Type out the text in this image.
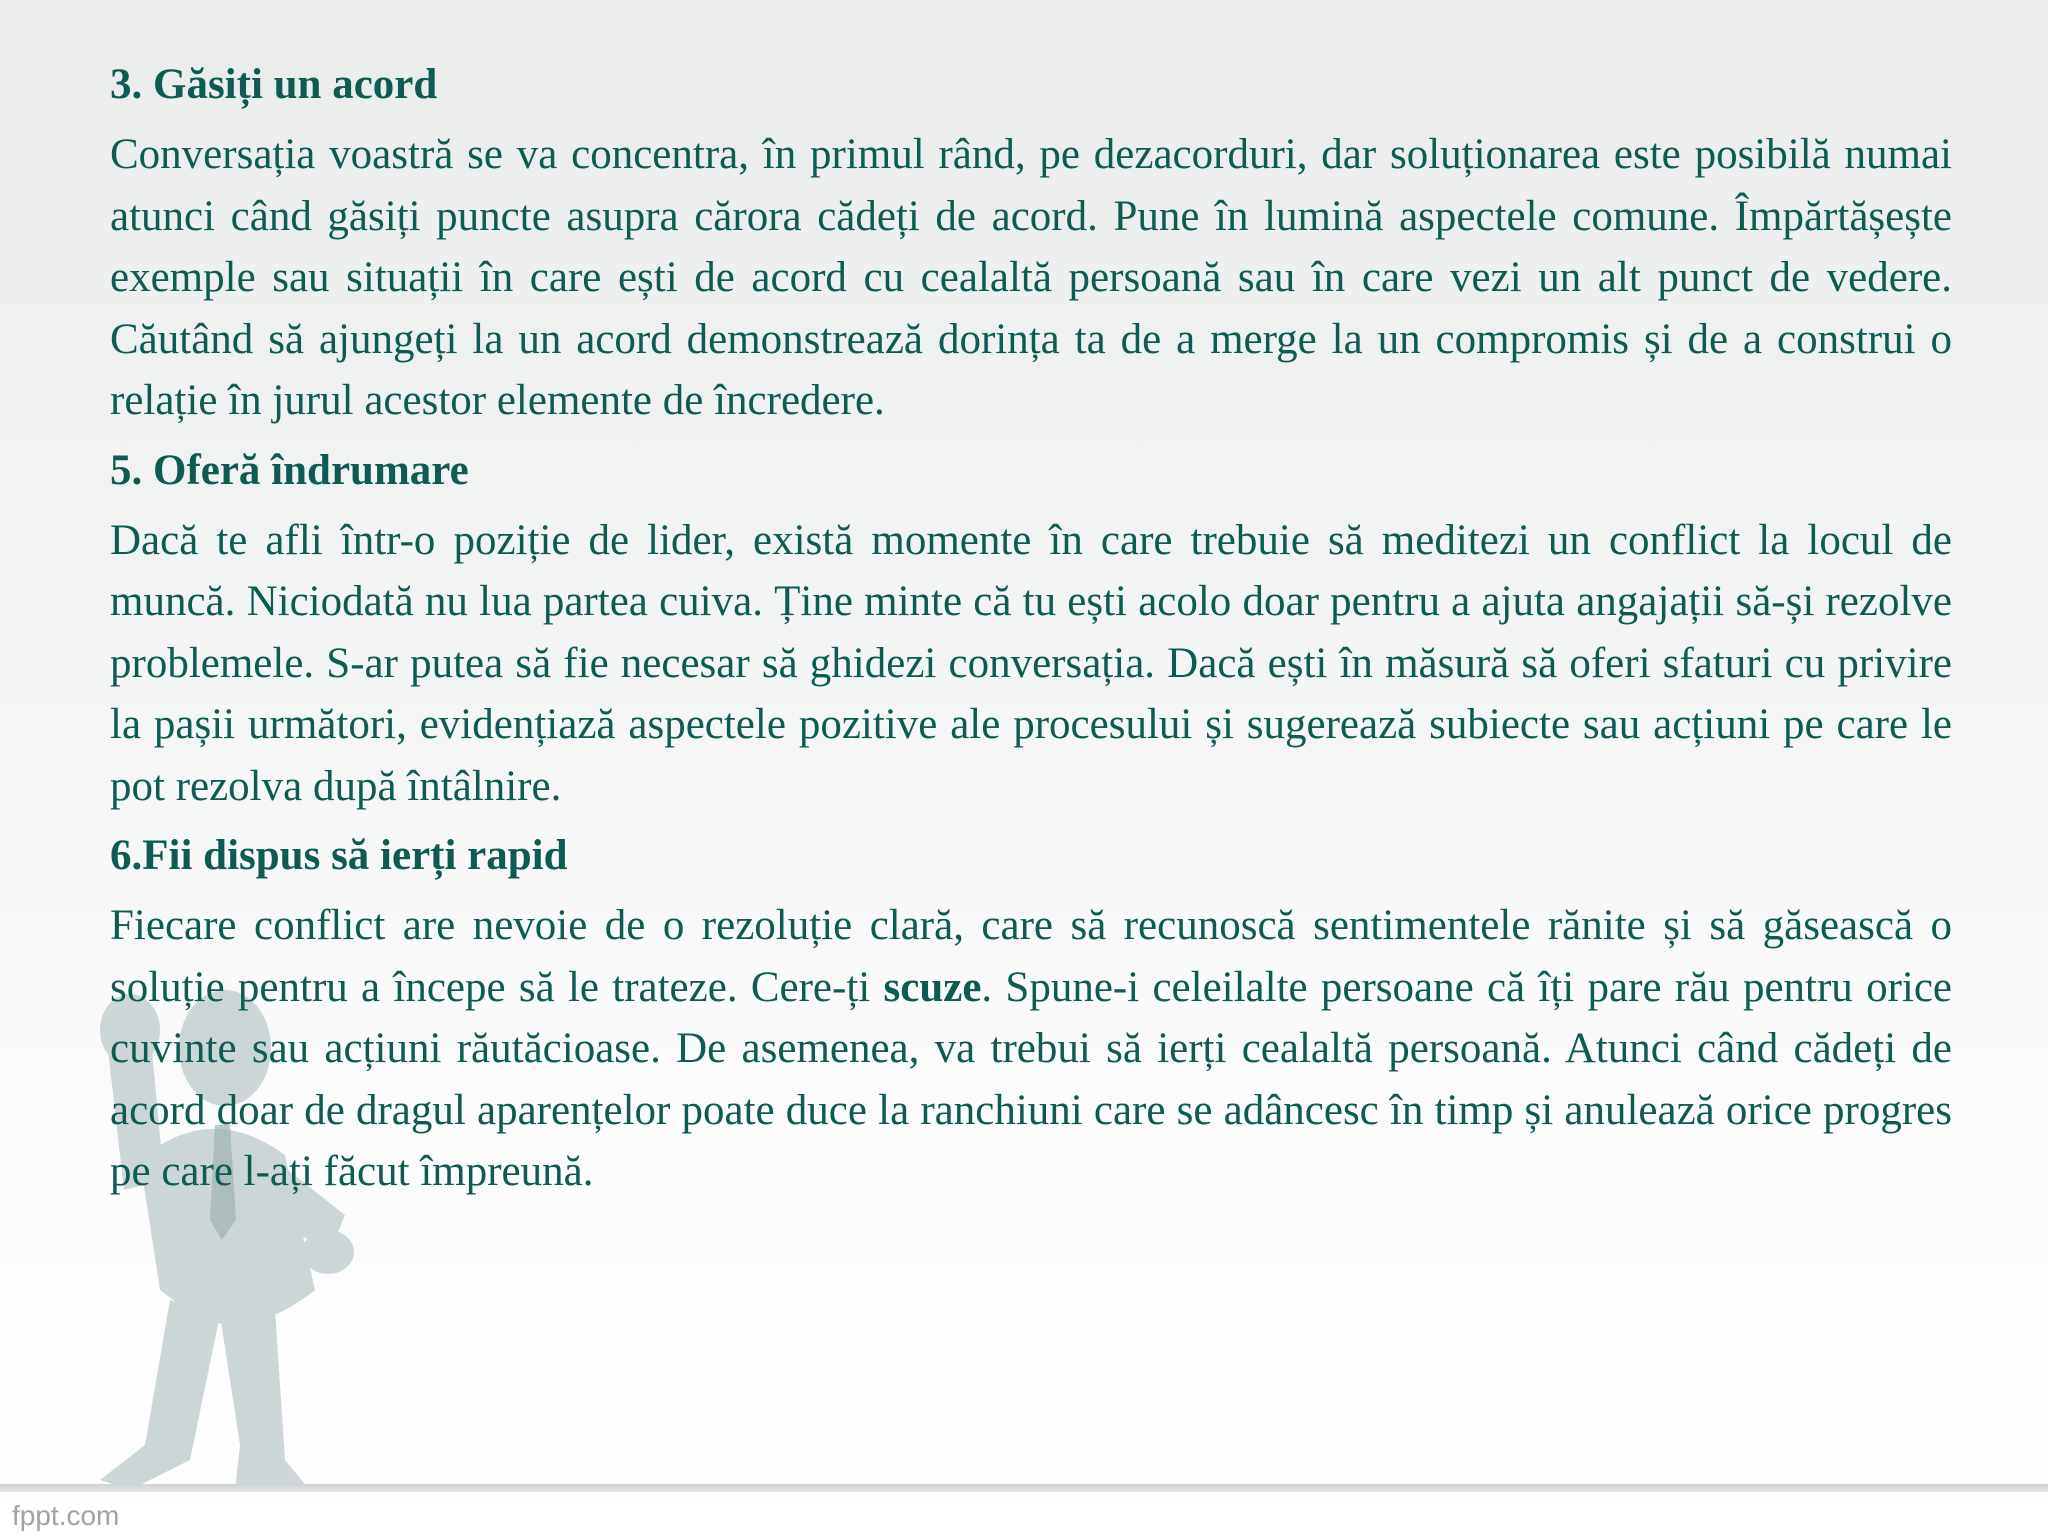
3. Găsiți un acord

Conversația voastră se va concentra, în primul rând, pe dezacorduri, dar soluționarea este posibilă numai atunci când găsiți puncte asupra cărora cădeți de acord. Pune în lumină aspectele comune. Împărtășește exemple sau situații în care ești de acord cu cealaltă persoană sau în care vezi un alt punct de vedere. Căutând să ajungeți la un acord demonstrează dorința ta de a merge la un compromis și de a construi o relație în jurul acestor elemente de încredere.

5. Oferă îndrumare

Dacă te afli într-o poziție de lider, există momente în care trebuie să meditezi un conflict la locul de muncă. Niciodată nu lua partea cuiva. Ține minte că tu ești acolo doar pentru a ajuta angajații să-și rezolve problemele. S-ar putea să fie necesar să ghidezi conversația. Dacă ești în măsură să oferi sfaturi cu privire la pașii următori, evidențiază aspectele pozitive ale procesului și sugerează subiecte sau acțiuni pe care le pot rezolva după întâlnire.

6.Fii dispus să ierți rapid

Fiecare conflict are nevoie de o rezoluție clară, care să recunoscă sentimentele rănite și să găsească o soluție pentru a începe să le trateze. Cere-ți scuze. Spune-i celeilalte persoane că îți pare rău pentru orice cuvinte sau acțiuni răutăcioase. De asemenea, va trebui să ierți cealaltă persoană. Atunci când cădeți de acord doar de dragul aparențelor poate duce la ranchiuni care se adâncesc în timp și anulează orice progres pe care l-ați făcut împreună.

fppt.com
